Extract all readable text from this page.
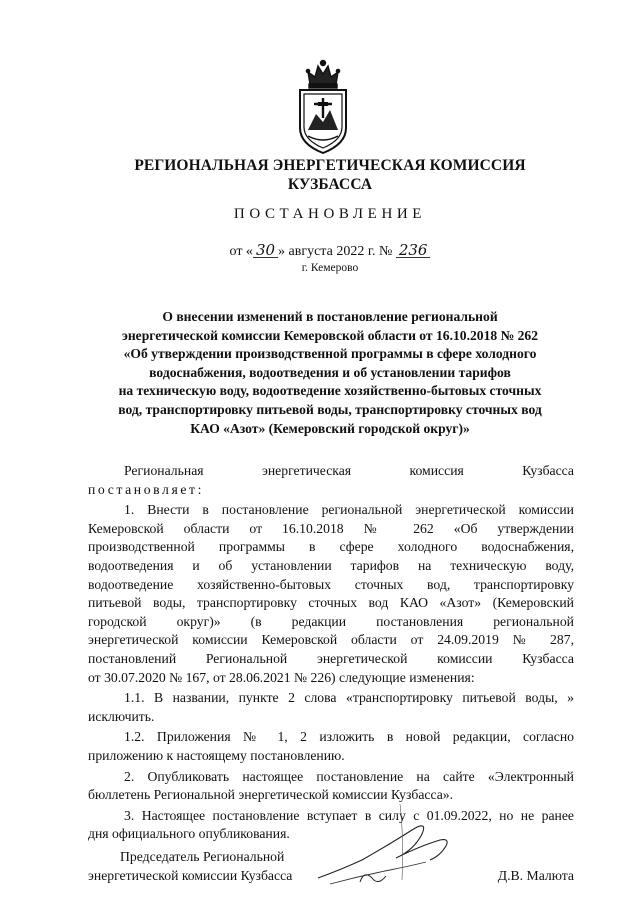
РЕГИОНАЛЬНАЯ ЭНЕРГЕТИЧЕСКАЯ КОМИССИЯ
КУЗБАССА
ПОСТАНОВЛЕНИЕ
от « 30 » августа 2022 г. № 236
г. Кемерово
О внесении изменений в постановление региональной
энергетической комиссии Кемеровской области от 16.10.2018 № 262
«Об утверждении производственной программы в сфере холодного
водоснабжения, водоотведения и об установлении тарифов
на техническую воду, водоотведение хозяйственно-бытовых сточных
вод, транспортировку питьевой воды, транспортировку сточных вод
КАО «Азот» (Кемеровский городской округ)»
Региональная энергетическая комиссия Кузбасса
постановляет:
1. Внести в постановление региональной энергетической комиссии
Кемеровской области от 16.10.2018 № 262 «Об утверждении
производственной программы в сфере холодного водоснабжения,
водоотведения и об установлении тарифов на техническую воду,
водоотведение хозяйственно-бытовых сточных вод, транспортировку
питьевой воды, транспортировку сточных вод КАО «Азот» (Кемеровский
городской округ)» (в редакции постановления региональной
энергетической комиссии Кемеровской области от 24.09.2019 № 287,
постановлений Региональной энергетической комиссии Кузбасса
от 30.07.2020 № 167, от 28.06.2021 № 226) следующие изменения:
1.1. В названии, пункте 2 слова «транспортировку питьевой воды, »
исключить.
1.2. Приложения № 1, 2 изложить в новой редакции, согласно
приложению к настоящему постановлению.
2. Опубликовать настоящее постановление на сайте «Электронный
бюллетень Региональной энергетической комиссии Кузбасса».
3. Настоящее постановление вступает в силу с 01.09.2022, но не ранее
дня официального опубликования.
Председатель Региональной
энергетической комиссии Кузбасса	Д.В. Малюта
